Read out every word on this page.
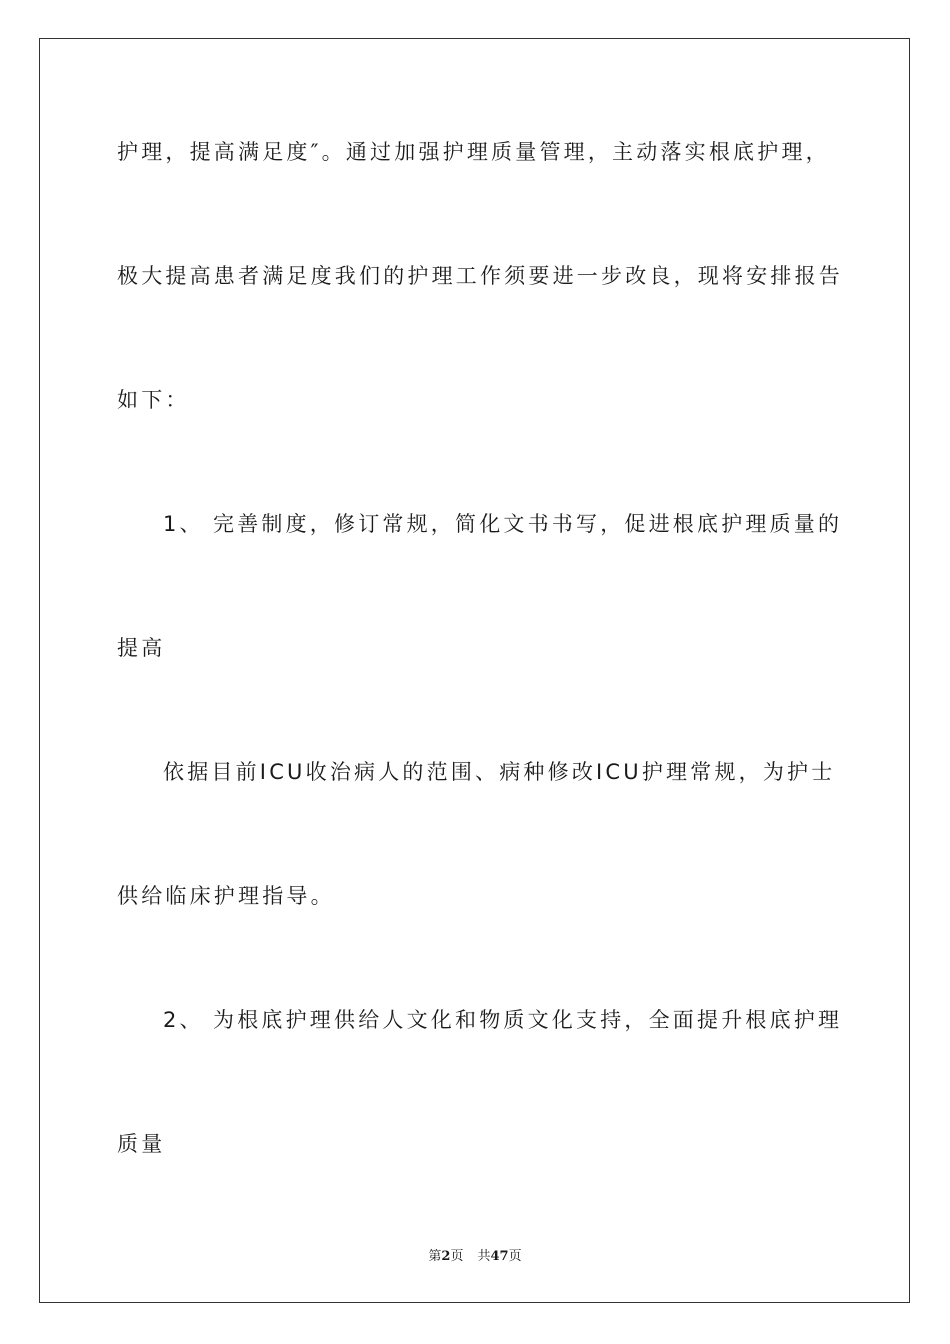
护理，提高满足度″。通过加强护理质量管理，主动落实根底护理，

极大提高患者满足度我们的护理工作须要进一步改良，现将安排报告

如下：

1、 完善制度，修订常规，简化文书书写，促进根底护理质量的

提高

依据目前ICU收治病人的范围、病种修改ICU护理常规，为护士

供给临床护理指导。

2、 为根底护理供给人文化和物质文化支持，全面提升根底护理

质量

第2页 共47页
